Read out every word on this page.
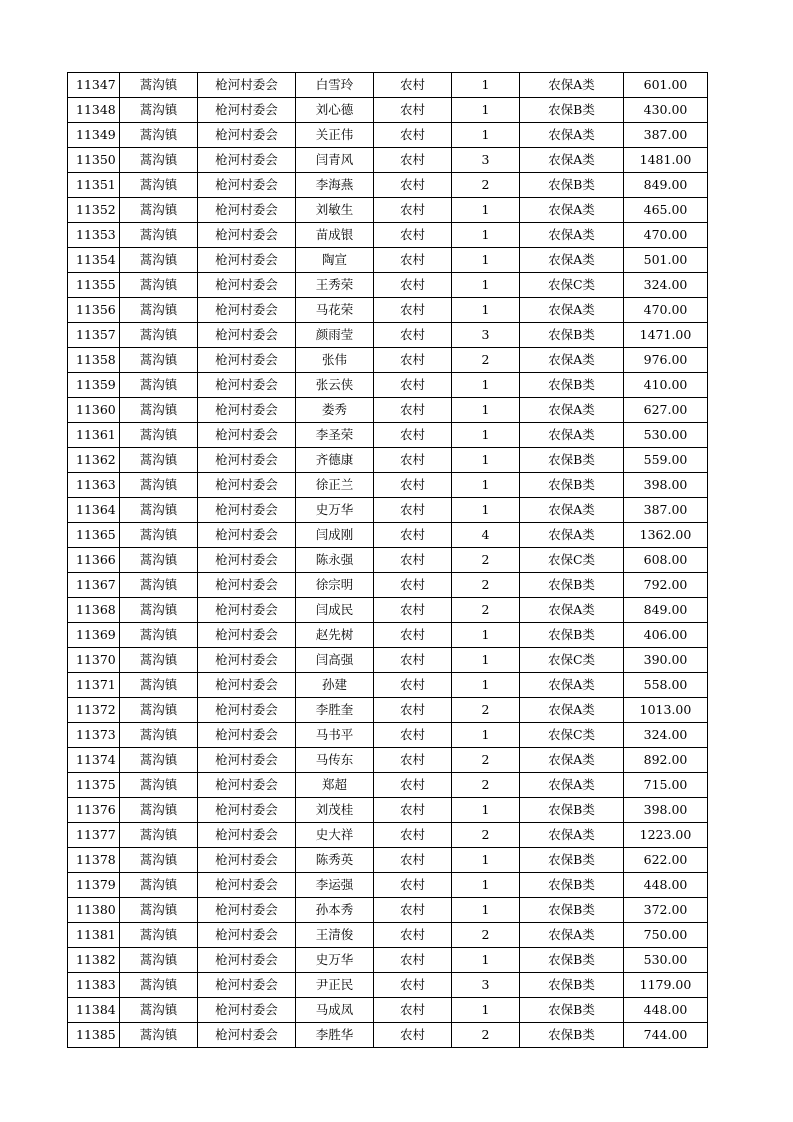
11347	蒿沟镇	枪河村委会	白雪玲	农村	1	农保A类	601.00
11348	蒿沟镇	枪河村委会	刘心德	农村	1	农保B类	430.00
11349	蒿沟镇	枪河村委会	关正伟	农村	1	农保A类	387.00
11350	蒿沟镇	枪河村委会	闫青风	农村	3	农保A类	1481.00
11351	蒿沟镇	枪河村委会	李海燕	农村	2	农保B类	849.00
11352	蒿沟镇	枪河村委会	刘敏生	农村	1	农保A类	465.00
11353	蒿沟镇	枪河村委会	苗成银	农村	1	农保A类	470.00
11354	蒿沟镇	枪河村委会	陶宣	农村	1	农保A类	501.00
11355	蒿沟镇	枪河村委会	王秀荣	农村	1	农保C类	324.00
11356	蒿沟镇	枪河村委会	马花荣	农村	1	农保A类	470.00
11357	蒿沟镇	枪河村委会	颜雨莹	农村	3	农保B类	1471.00
11358	蒿沟镇	枪河村委会	张伟	农村	2	农保A类	976.00
11359	蒿沟镇	枪河村委会	张云侠	农村	1	农保B类	410.00
11360	蒿沟镇	枪河村委会	娄秀	农村	1	农保A类	627.00
11361	蒿沟镇	枪河村委会	李圣荣	农村	1	农保A类	530.00
11362	蒿沟镇	枪河村委会	齐德康	农村	1	农保B类	559.00
11363	蒿沟镇	枪河村委会	徐正兰	农村	1	农保B类	398.00
11364	蒿沟镇	枪河村委会	史万华	农村	1	农保A类	387.00
11365	蒿沟镇	枪河村委会	闫成刚	农村	4	农保A类	1362.00
11366	蒿沟镇	枪河村委会	陈永强	农村	2	农保C类	608.00
11367	蒿沟镇	枪河村委会	徐宗明	农村	2	农保B类	792.00
11368	蒿沟镇	枪河村委会	闫成民	农村	2	农保A类	849.00
11369	蒿沟镇	枪河村委会	赵先树	农村	1	农保B类	406.00
11370	蒿沟镇	枪河村委会	闫高强	农村	1	农保C类	390.00
11371	蒿沟镇	枪河村委会	孙建	农村	1	农保A类	558.00
11372	蒿沟镇	枪河村委会	李胜奎	农村	2	农保A类	1013.00
11373	蒿沟镇	枪河村委会	马书平	农村	1	农保C类	324.00
11374	蒿沟镇	枪河村委会	马传东	农村	2	农保A类	892.00
11375	蒿沟镇	枪河村委会	郑超	农村	2	农保A类	715.00
11376	蒿沟镇	枪河村委会	刘茂桂	农村	1	农保B类	398.00
11377	蒿沟镇	枪河村委会	史大祥	农村	2	农保A类	1223.00
11378	蒿沟镇	枪河村委会	陈秀英	农村	1	农保B类	622.00
11379	蒿沟镇	枪河村委会	李运强	农村	1	农保B类	448.00
11380	蒿沟镇	枪河村委会	孙本秀	农村	1	农保B类	372.00
11381	蒿沟镇	枪河村委会	王清俊	农村	2	农保A类	750.00
11382	蒿沟镇	枪河村委会	史万华	农村	1	农保B类	530.00
11383	蒿沟镇	枪河村委会	尹正民	农村	3	农保B类	1179.00
11384	蒿沟镇	枪河村委会	马成凤	农村	1	农保B类	448.00
11385	蒿沟镇	枪河村委会	李胜华	农村	2	农保B类	744.00
